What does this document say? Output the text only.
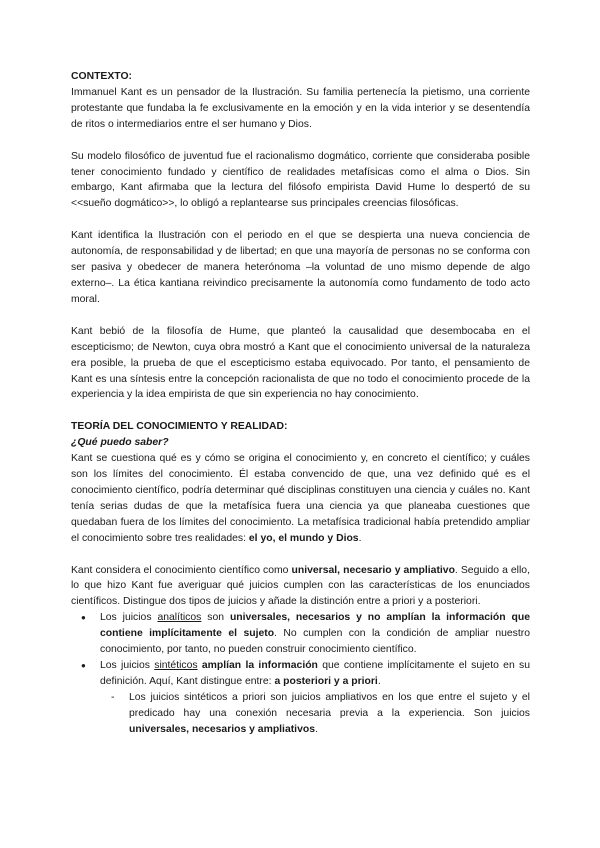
CONTEXTO:

Immanuel Kant es un pensador de la Ilustración. Su familia pertenecía la pietismo, una corriente protestante que fundaba la fe exclusivamente en la emoción y en la vida interior y se desentendía de ritos o intermediarios entre el ser humano y Dios.

Su modelo filosófico de juventud fue el racionalismo dogmático, corriente que consideraba posible tener conocimiento fundado y científico de realidades metafísicas como el alma o Dios. Sin embargo, Kant afirmaba que la lectura del filósofo empirista David Hume lo despertó de su <<sueño dogmático>>, lo obligó a replantearse sus principales creencias filosóficas.

Kant identifica la Ilustración con el periodo en el que se despierta una nueva conciencia de autonomía, de responsabilidad y de libertad; en que una mayoría de personas no se conforma con ser pasiva y obedecer de manera heterónoma –la voluntad de uno mismo depende de algo externo–. La ética kantiana reivindico precisamente la autonomía como fundamento de todo acto moral.

Kant bebió de la filosofía de Hume, que planteó la causalidad que desembocaba en el escepticismo; de Newton, cuya obra mostró a Kant que el conocimiento universal de la naturaleza era posible, la prueba de que el escepticismo estaba equivocado. Por tanto, el pensamiento de Kant es una síntesis entre la concepción racionalista de que no todo el conocimiento procede de la experiencia y la idea empirista de que sin experiencia no hay conocimiento.

TEORÍA DEL CONOCIMIENTO Y REALIDAD:
¿Qué puedo saber?

Kant se cuestiona qué es y cómo se origina el conocimiento y, en concreto el científico; y cuáles son los límites del conocimiento. Él estaba convencido de que, una vez definido qué es el conocimiento científico, podría determinar qué disciplinas constituyen una ciencia y cuáles no. Kant tenía serias dudas de que la metafísica fuera una ciencia ya que planeaba cuestiones que quedaban fuera de los límites del conocimiento. La metafísica tradicional había pretendido ampliar el conocimiento sobre tres realidades: el yo, el mundo y Dios.

Kant considera el conocimiento científico como universal, necesario y ampliativo. Seguido a ello, lo que hizo Kant fue averiguar qué juicios cumplen con las características de los enunciados científicos. Distingue dos tipos de juicios y añade la distinción entre a priori y a posteriori.

● Los juicios analíticos son universales, necesarios y no amplían la información que contiene implícitamente el sujeto. No cumplen con la condición de ampliar nuestro conocimiento, por tanto, no pueden construir conocimiento científico.
● Los juicios sintéticos amplían la información que contiene implícitamente el sujeto en su definición. Aquí, Kant distingue entre: a posteriori y a priori.
- Los juicios sintéticos a priori son juicios ampliativos en los que entre el sujeto y el predicado hay una conexión necesaria previa a la experiencia. Son juicios universales, necesarios y ampliativos.
